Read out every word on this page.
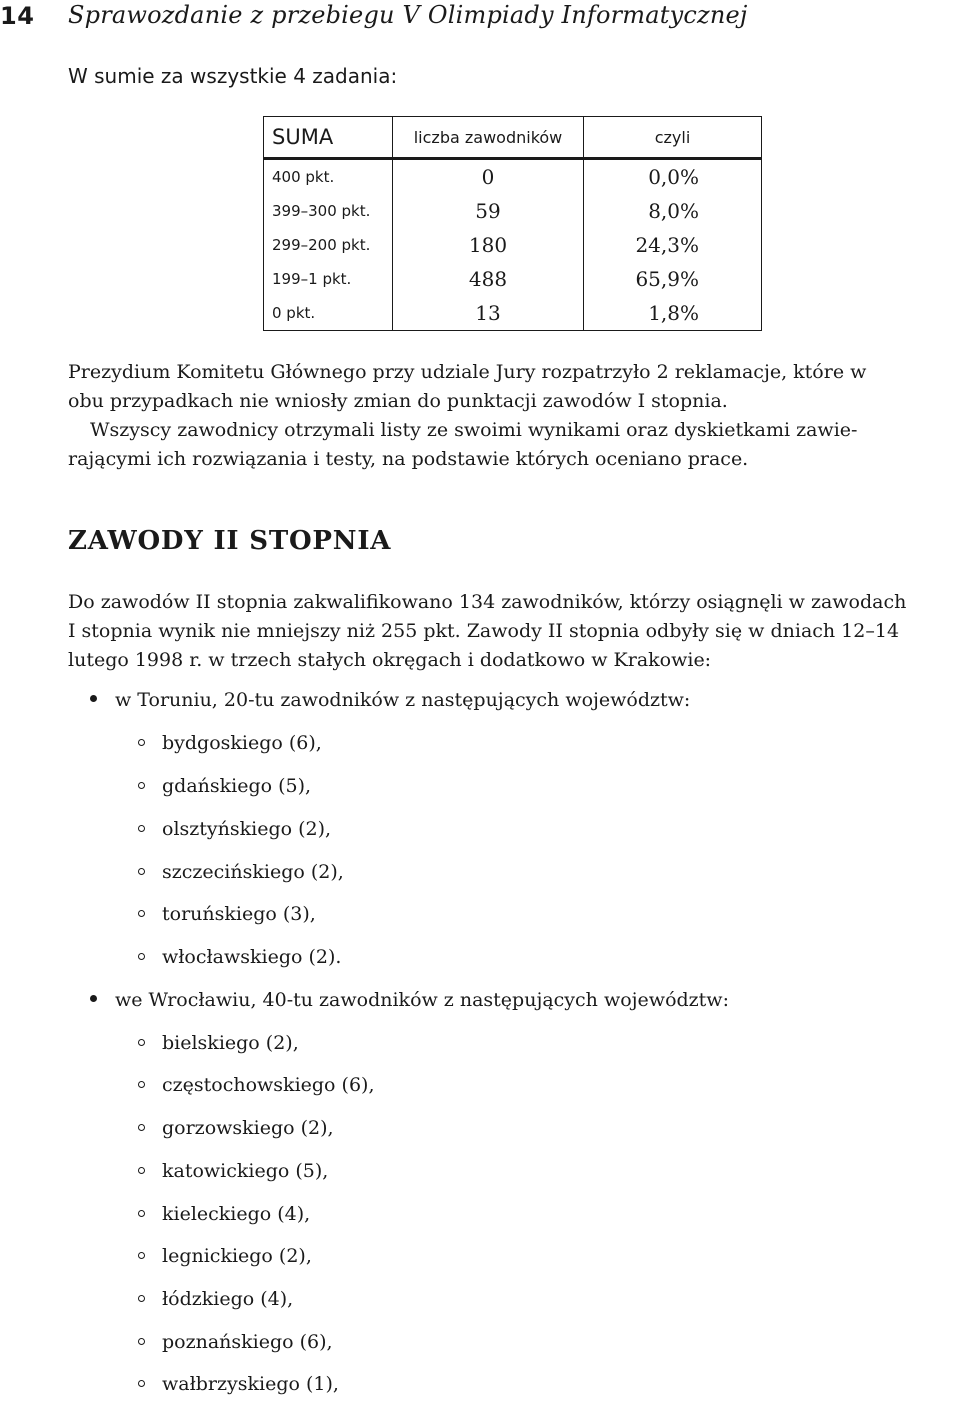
14 Sprawozdanie z przebiegu V Olimpiady Informatycznej
W sumie za wszystkie 4 zadania:
SUMA	liczba zawodników	czyli
400 pkt.	0	0,0%
399–300 pkt.	59	8,0%
299–200 pkt.	180	24,3%
199–1 pkt.	488	65,9%
0 pkt.	13	1,8%
Prezydium Komitetu Głównego przy udziale Jury rozpatrzyło 2 reklamacje, które w
obu przypadkach nie wniosły zmian do punktacji zawodów I stopnia.
Wszyscy zawodnicy otrzymali listy ze swoimi wynikami oraz dyskietkami zawie-
rającymi ich rozwiązania i testy, na podstawie których oceniano prace.
ZAWODY II STOPNIA
Do zawodów II stopnia zakwalifikowano 134 zawodników, którzy osiągnęli w zawodach
I stopnia wynik nie mniejszy niż 255 pkt. Zawody II stopnia odbyły się w dniach 12–14
lutego 1998 r. w trzech stałych okręgach i dodatkowo w Krakowie:
w Toruniu, 20-tu zawodników z następujących województw:
bydgoskiego (6),
gdańskiego (5),
olsztyńskiego (2),
szczecińskiego (2),
toruńskiego (3),
włocławskiego (2).
we Wrocławiu, 40-tu zawodników z następujących województw:
bielskiego (2),
częstochowskiego (6),
gorzowskiego (2),
katowickiego (5),
kieleckiego (4),
legnickiego (2),
łódzkiego (4),
poznańskiego (6),
wałbrzyskiego (1),
